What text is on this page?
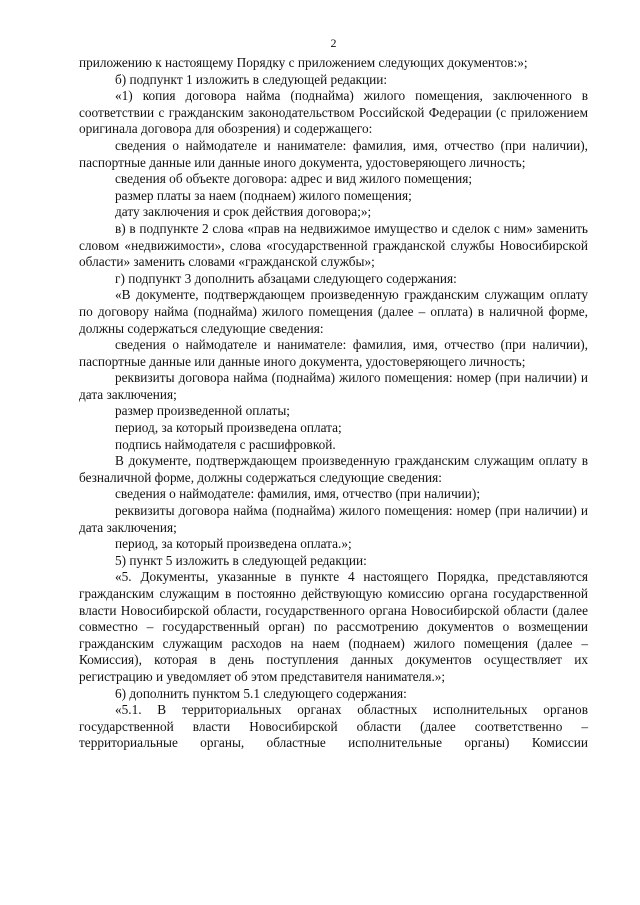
2

приложению к настоящему Порядку с приложением следующих документов:»;

б) подпункт 1 изложить в следующей редакции:

«1) копия договора найма (поднайма) жилого помещения, заключенного в соответствии с гражданским законодательством Российской Федерации (с приложением оригинала договора для обозрения) и содержащего:

сведения о наймодателе и нанимателе: фамилия, имя, отчество (при наличии), паспортные данные или данные иного документа, удостоверяющего личность;

сведения об объекте договора: адрес и вид жилого помещения;

размер платы за наем (поднаем) жилого помещения;

дату заключения и срок действия договора;»;

в) в подпункте 2 слова «прав на недвижимое имущество и сделок с ним» заменить словом «недвижимости», слова «государственной гражданской службы Новосибирской области» заменить словами «гражданской службы»;

г) подпункт 3 дополнить абзацами следующего содержания:

«В документе, подтверждающем произведенную гражданским служащим оплату по договору найма (поднайма) жилого помещения (далее – оплата) в наличной форме, должны содержаться следующие сведения:

сведения о наймодателе и нанимателе: фамилия, имя, отчество (при наличии), паспортные данные или данные иного документа, удостоверяющего личность;

реквизиты договора найма (поднайма) жилого помещения: номер (при наличии) и дата заключения;

размер произведенной оплаты;

период, за который произведена оплата;

подпись наймодателя с расшифровкой.

В документе, подтверждающем произведенную гражданским служащим оплату в безналичной форме, должны содержаться следующие сведения:

сведения о наймодателе: фамилия, имя, отчество (при наличии);

реквизиты договора найма (поднайма) жилого помещения: номер (при наличии) и дата заключения;

период, за который произведена оплата.»;

5) пункт 5 изложить в следующей редакции:

«5. Документы, указанные в пункте 4 настоящего Порядка, представляются гражданским служащим в постоянно действующую комиссию органа государственной власти Новосибирской области, государственного органа Новосибирской области (далее совместно – государственный орган) по рассмотрению документов о возмещении гражданским служащим расходов на наем (поднаем) жилого помещения (далее – Комиссия), которая в день поступления данных документов осуществляет их регистрацию и уведомляет об этом представителя нанимателя.»;

6) дополнить пунктом 5.1 следующего содержания:

«5.1. В территориальных органах областных исполнительных органов государственной власти Новосибирской области (далее соответственно – территориальные органы, областные исполнительные органы) Комиссии
